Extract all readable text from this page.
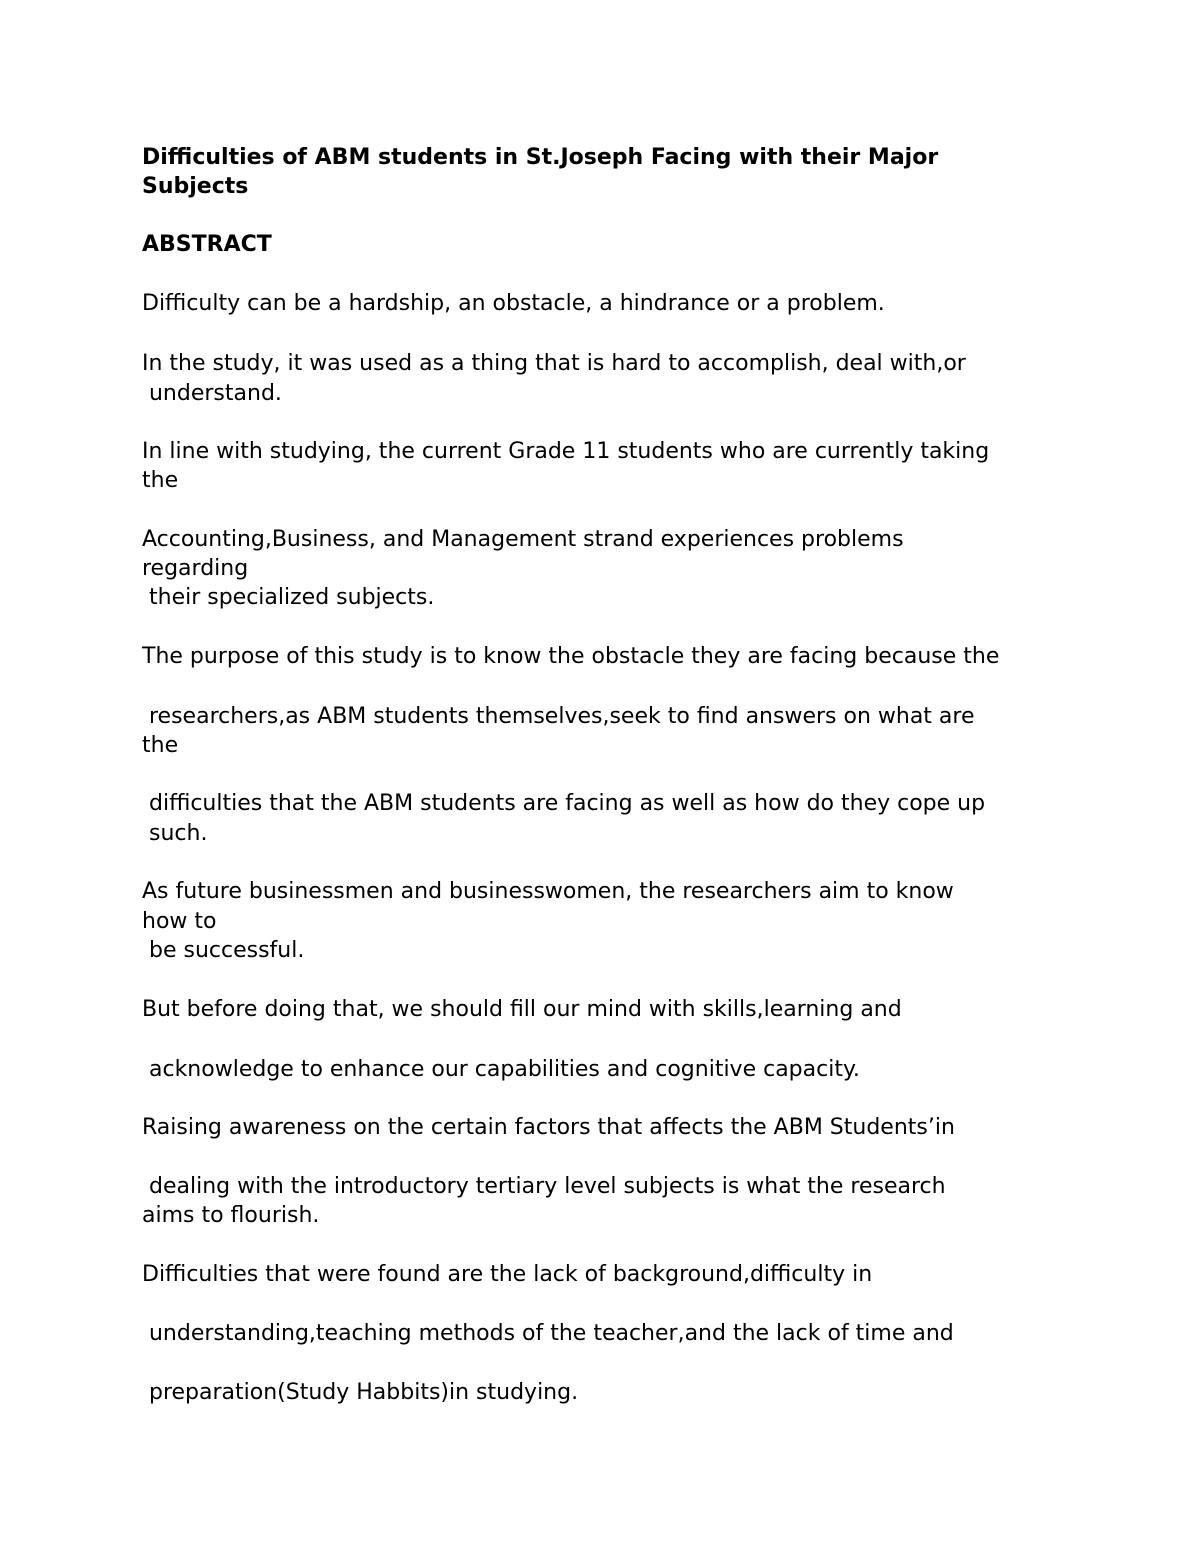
Difficulties of ABM students in St.Joseph Facing with their Major

Subjects

ABSTRACT

Difficulty can be a hardship, an obstacle, a hindrance or a problem.

In the study, it was used as a thing that is hard to accomplish, deal with,or

understand.

In line with studying, the current Grade 11 students who are currently taking

the

Accounting,Business, and Management strand experiences problems

regarding

their specialized subjects.

The purpose of this study is to know the obstacle they are facing because the

researchers,as ABM students themselves,seek to find answers on what are

the

difficulties that the ABM students are facing as well as how do they cope up

such.

As future businessmen and businesswomen, the researchers aim to know

how to

be successful.

But before doing that, we should fill our mind with skills,learning and

acknowledge to enhance our capabilities and cognitive capacity.

Raising awareness on the certain factors that affects the ABM Students’in

dealing with the introductory tertiary level subjects is what the research

aims to flourish.

Difficulties that were found are the lack of background,difficulty in

understanding,teaching methods of the teacher,and the lack of time and

preparation(Study Habbits)in studying.
